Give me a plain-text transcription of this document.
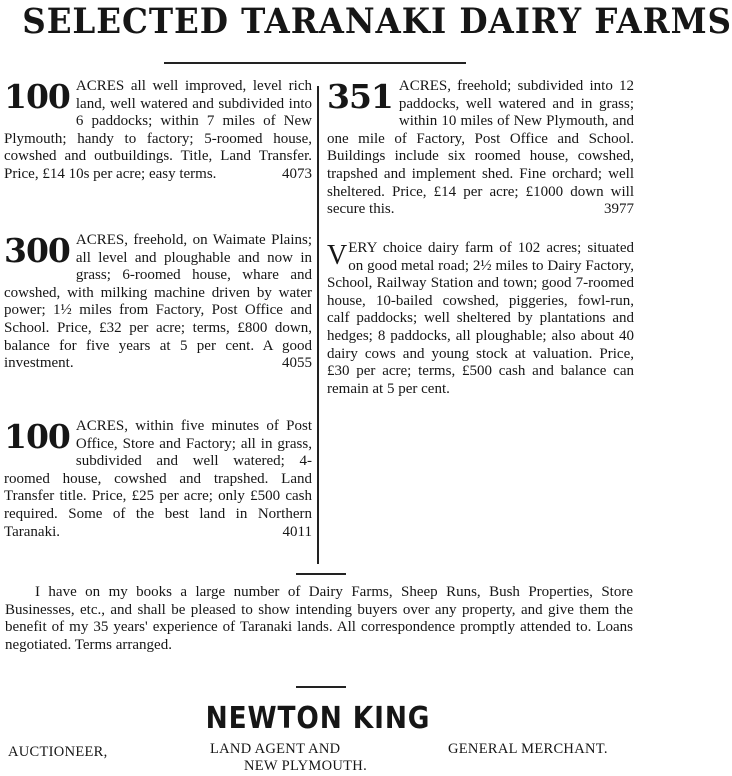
SELECTED TARANAKI DAIRY FARMS
100 ACRES all well improved, level rich land, well watered and subdivided into 6 paddocks; within 7 miles of New Plymouth; handy to factory; 5-roomed house, cowshed and outbuildings. Title, Land Transfer. Price, £14 10s per acre; easy terms.	4073
300 ACRES, freehold, on Waimate Plains; all level and ploughable and now in grass; 6-roomed house, whare and cowshed, with milking machine driven by water power; 1½ miles from Factory, Post Office and School. Price, £32 per acre; terms, £800 down, balance for five years at 5 per cent. A good investment.	4055
100 ACRES, within five minutes of Post Office, Store and Factory; all in grass, subdivided and well watered; 4-roomed house, cowshed and trapshed. Land Transfer title. Price, £25 per acre; only £500 cash required. Some of the best land in Northern Taranaki.	4011
351 ACRES, freehold; subdivided into 12 paddocks, well watered and in grass; within 10 miles of New Plymouth, and one mile of Factory, Post Office and School. Buildings include six roomed house, cowshed, trapshed and implement shed. Fine orchard; well sheltered. Price, £14 per acre; £1000 down will secure this.	3977
V ERY choice dairy farm of 102 acres; situated on good metal road; 2½ miles to Dairy Factory, School, Railway Station and town; good 7-roomed house, 10-bailed cowshed, piggeries, fowl-run, calf paddocks; well sheltered by plantations and hedges; 8 paddocks, all ploughable; also about 40 dairy cows and young stock at valuation. Price, £30 per acre; terms, £500 cash and balance can remain at 5 per cent.
I have on my books a large number of Dairy Farms, Sheep Runs, Bush Properties, Store Businesses, etc., and shall be pleased to show intending buyers over any property, and give them the benefit of my 35 years' experience of Taranaki lands. All correspondence promptly attended to. Loans negotiated. Terms arranged.
NEWTON KING
AUCTIONEER,	LAND AGENT AND	GENERAL MERCHANT.
NEW PLYMOUTH.
